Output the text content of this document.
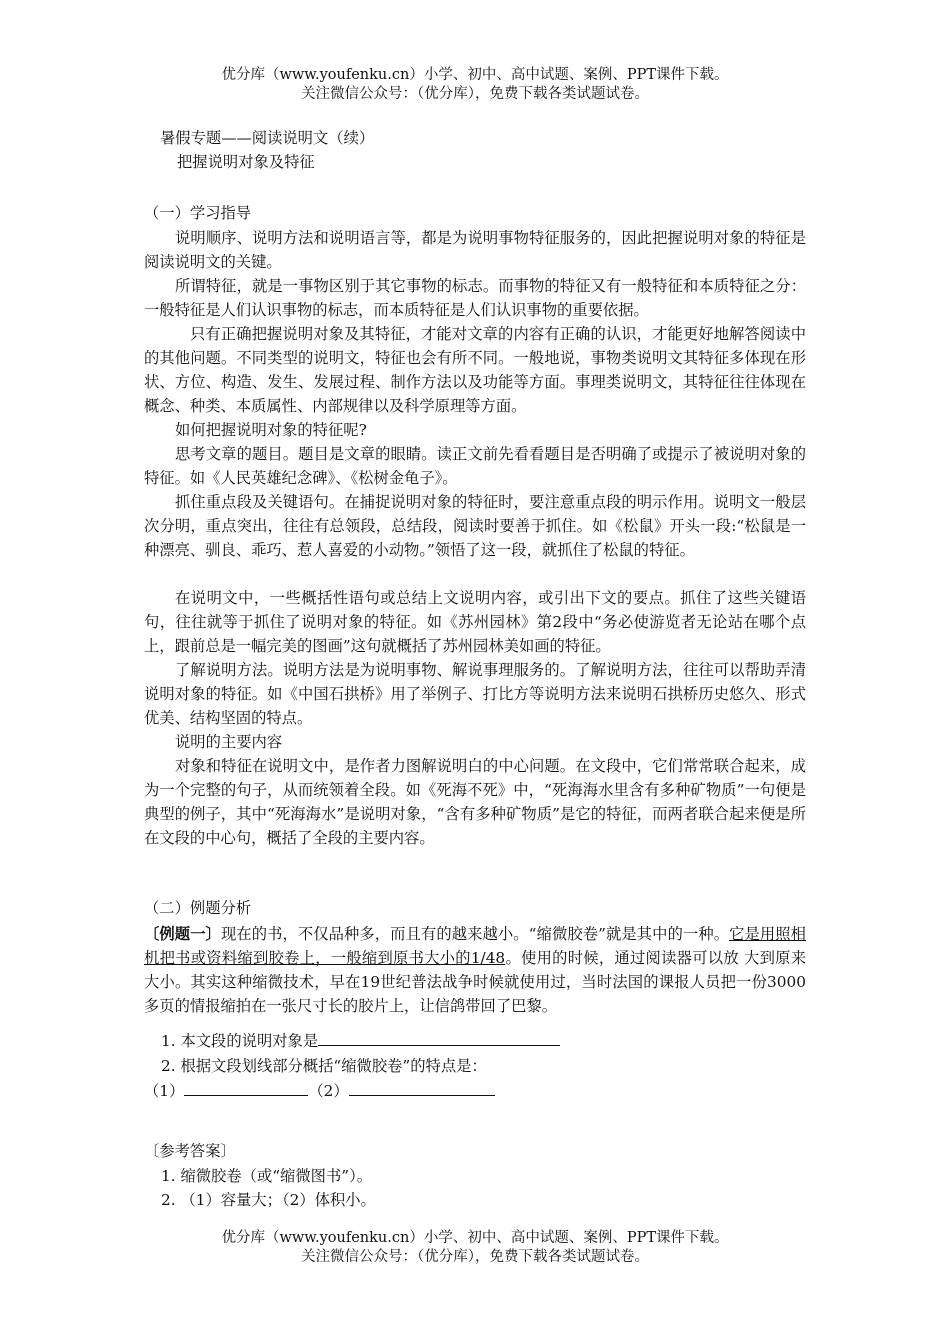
优分库（www.youfenku.cn）小学、初中、高中试题、案例、PPT课件下载。
关注微信公众号：（优分库），免费下载各类试题试卷。
暑假专题——阅读说明文（续）
把握说明对象及特征
（一）学习指导

说明顺序、说明方法和说明语言等，都是为说明事物特征服务的，因此把握说明对象的特征是阅读说明文的关键。

所谓特征，就是一事物区别于其它事物的标志。而事物的特征又有一般特征和本质特征之分：一般特征是人们认识事物的标志，而本质特征是人们认识事物的重要依据。

只有正确把握说明对象及其特征，才能对文章的内容有正确的认识，才能更好地解答阅读中的其他问题。不同类型的说明文，特征也会有所不同。一般地说，事物类说明文其特征多体现在形状、方位、构造、发生、发展过程、制作方法以及功能等方面。事理类说明文，其特征往往体现在概念、种类、本质属性、内部规律以及科学原理等方面。

如何把握说明对象的特征呢?

思考文章的题目。题目是文章的眼睛。读正文前先看看题目是否明确了或提示了被说明对象的特征。如《人民英雄纪念碑》、《松树金龟子》。

抓住重点段及关键语句。在捕捉说明对象的特征时，要注意重点段的明示作用。说明文一般层次分明，重点突出，往往有总领段，总结段，阅读时要善于抓住。如《松鼠》开头一段:“松鼠是一种漂亮、驯良、乖巧、惹人喜爱的小动物。”领悟了这一段，就抓住了松鼠的特征。

在说明文中，一些概括性语句或总结上文说明内容，或引出下文的要点。抓住了这些关键语句，往往就等于抓住了说明对象的特征。如《苏州园林》第2段中“务必使游览者无论站在哪个点上，跟前总是一幅完美的图画”这句就概括了苏州园林美如画的特征。

了解说明方法。说明方法是为说明事物、解说事理服务的。了解说明方法，往往可以帮助弄清说明对象的特征。如《中国石拱桥》用了举例子、打比方等说明方法来说明石拱桥历史悠久、形式优美、结构坚固的特点。

说明的主要内容

对象和特征在说明文中，是作者力图解说明白的中心问题。在文段中，它们常常联合起来，成为一个完整的句子，从而统领着全段。如《死海不死》中，“死海海水里含有多种矿物质”一句便是典型的例子，其中“死海海水”是说明对象，“含有多种矿物质”是它的特征，而两者联合起来便是所在文段的中心句，概括了全段的主要内容。

（二）例题分析

〔例题一〕现在的书，不仅品种多，而且有的越来越小。“缩微胶卷”就是其中的一种。它是用照相机把书或资料缩到胶卷上，一般缩到原书大小的1/48。使用的时候，通过阅读器可以放 大到原来大小。其实这种缩微技术，早在19世纪普法战争时候就使用过，当时法国的课报人员把一份3000多页的情报缩拍在一张尺寸长的胶片上，让信鸽带回了巴黎。

1. 本文段的说明对象是
2. 根据文段划线部分概括“缩微胶卷”的特点是：
（1）	（2）
〔参考答案〕
1. 缩微胶卷（或“缩微图书”）。
2. （1）容量大；（2）体积小。
优分库（www.youfenku.cn）小学、初中、高中试题、案例、PPT课件下载。
关注微信公众号：（优分库），免费下载各类试题试卷。
